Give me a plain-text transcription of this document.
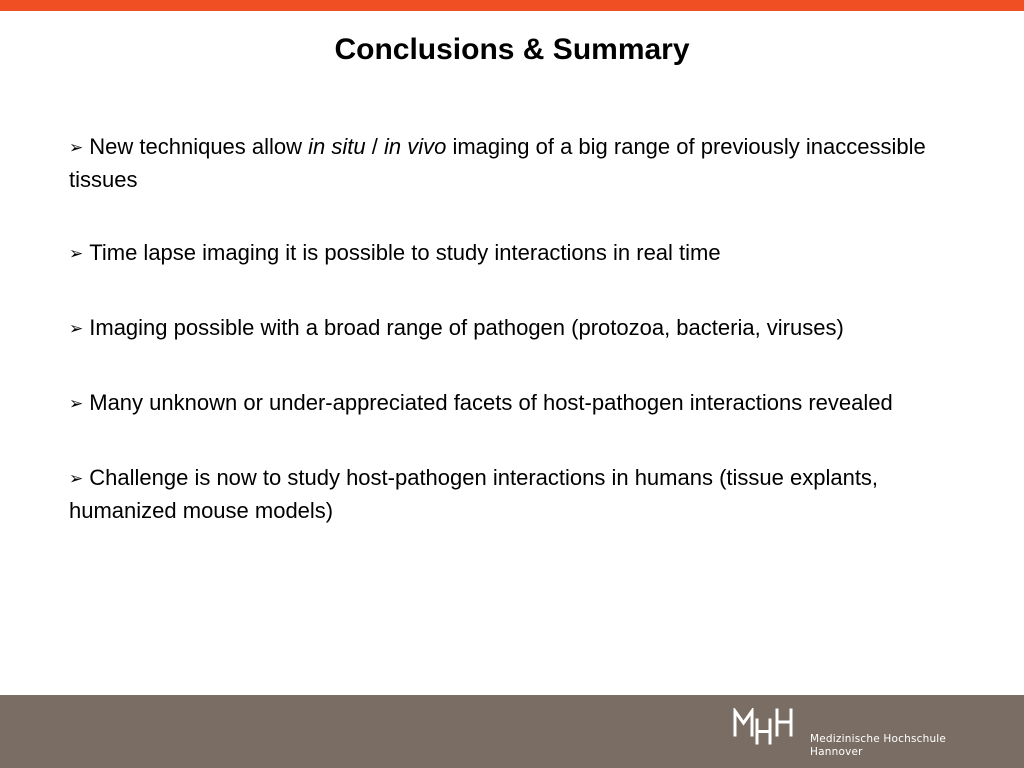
Conclusions & Summary
➢ New techniques allow in situ / in vivo imaging of a big range of previously inaccessible tissues
➢ Time lapse imaging it is possible to study interactions in real time
➢ Imaging possible with a broad range of pathogen (protozoa, bacteria, viruses)
➢ Many unknown or under-appreciated facets of host-pathogen interactions revealed
➢ Challenge is now to study host-pathogen interactions in humans (tissue explants, humanized mouse models)
Medizinische Hochschule
Hannover
